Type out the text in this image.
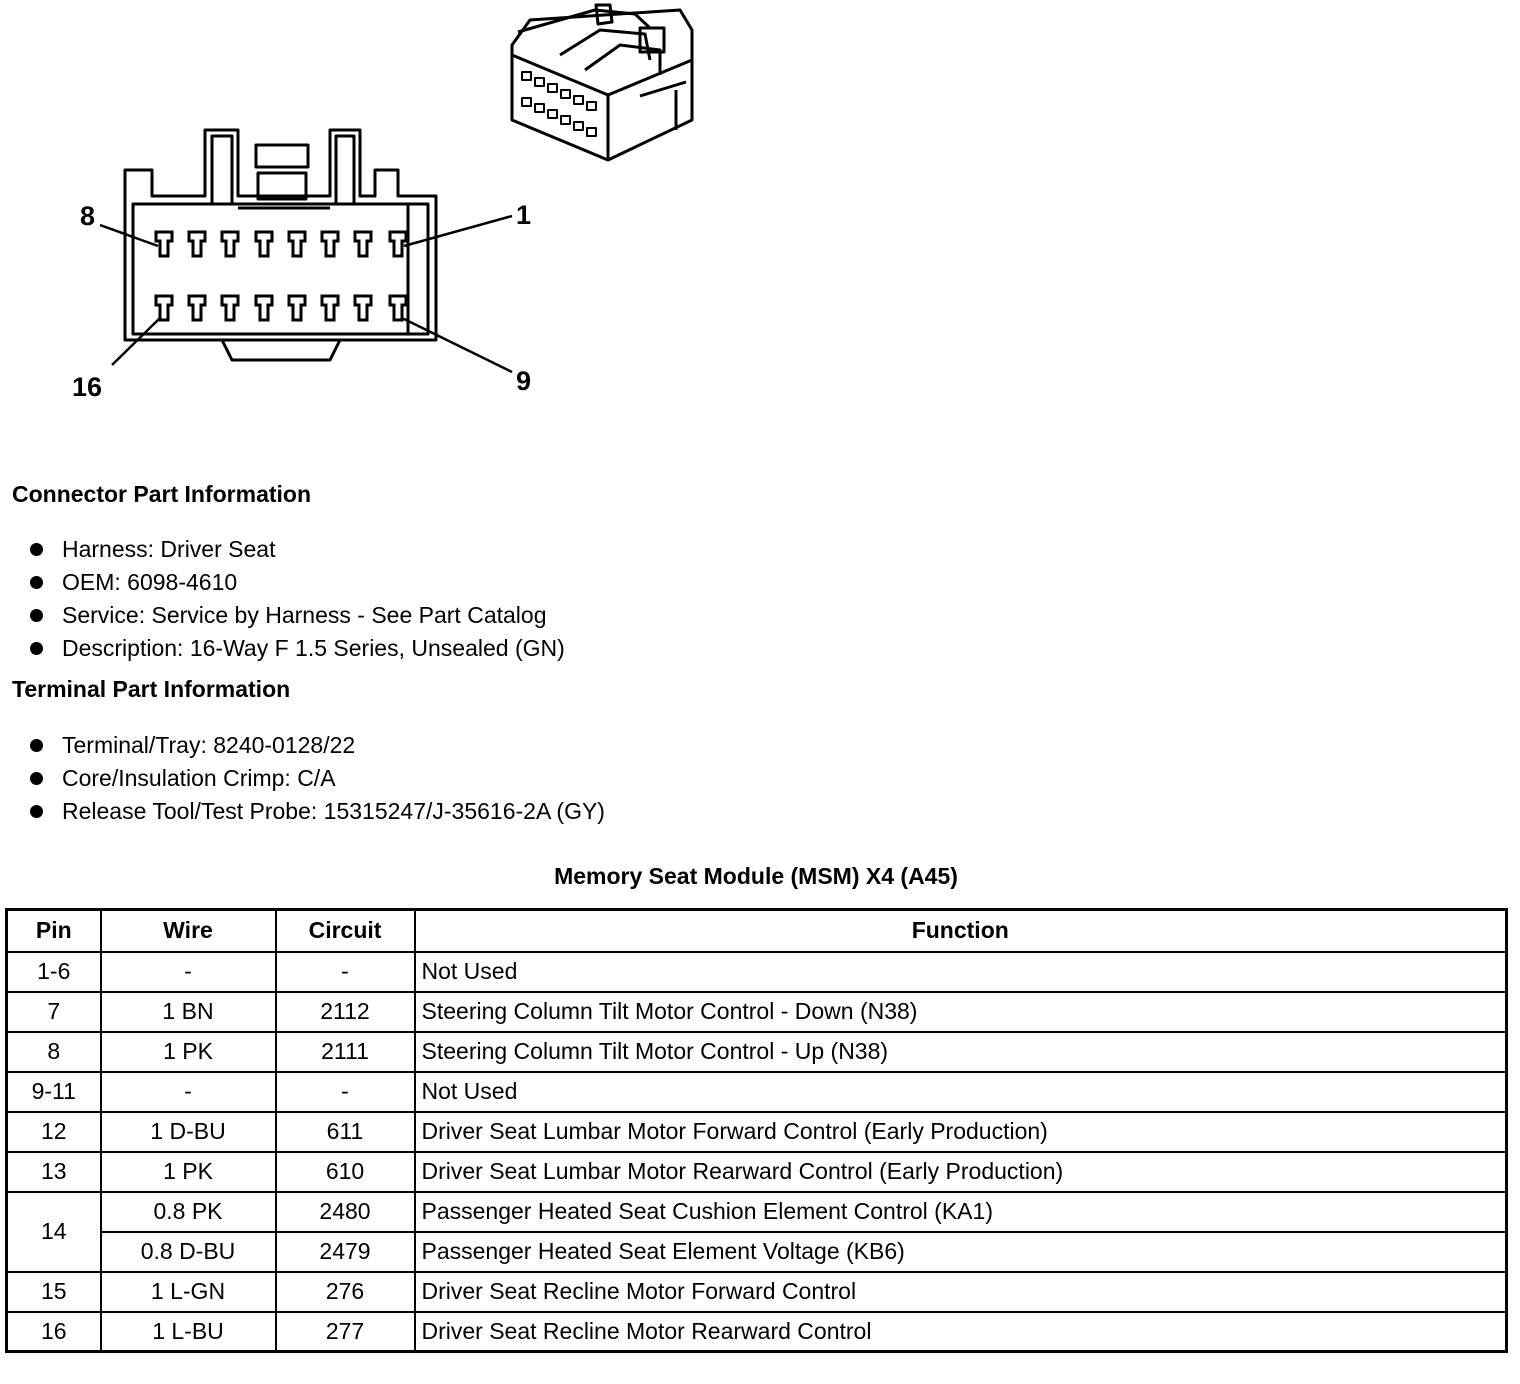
8	1
16	9
Connector Part Information
Harness: Driver Seat
OEM: 6098-4610
Service: Service by Harness - See Part Catalog
Description: 16-Way F 1.5 Series, Unsealed (GN)
Terminal Part Information
Terminal/Tray: 8240-0128/22
Core/Insulation Crimp: C/A
Release Tool/Test Probe: 15315247/J-35616-2A (GY)
Memory Seat Module (MSM) X4 (A45)
Pin	Wire	Circuit	Function
1-6	-	-	Not Used
7	1 BN	2112	Steering Column Tilt Motor Control - Down (N38)
8	1 PK	2111	Steering Column Tilt Motor Control - Up (N38)
9-11	-	-	Not Used
12	1 D-BU	611	Driver Seat Lumbar Motor Forward Control (Early Production)
13	1 PK	610	Driver Seat Lumbar Motor Rearward Control (Early Production)
14	0.8 PK	2480	Passenger Heated Seat Cushion Element Control (KA1)
	0.8 D-BU	2479	Passenger Heated Seat Element Voltage (KB6)
15	1 L-GN	276	Driver Seat Recline Motor Forward Control
16	1 L-BU	277	Driver Seat Recline Motor Rearward Control
